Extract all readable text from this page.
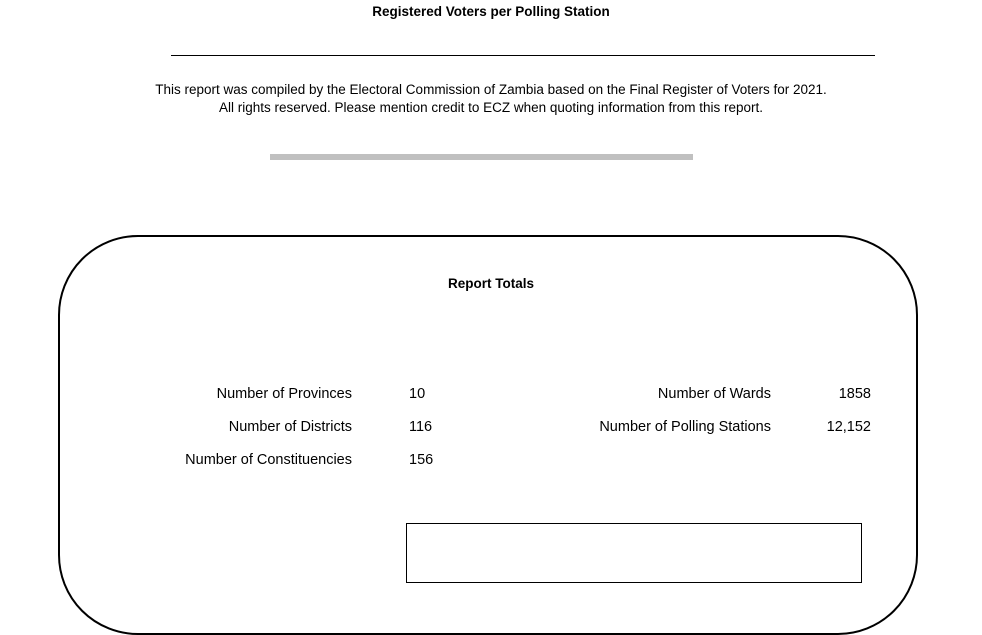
Registered Voters per Polling Station
This report was compiled by the Electoral Commission of Zambia based on the Final Register of Voters for 2021.
All rights reserved. Please mention credit to ECZ when quoting information from this report.
Report Totals
Number of Provinces	10
Number of Districts	116
Number of Constituencies	156
Number of Wards	1858
Number of Polling Stations	12,152
